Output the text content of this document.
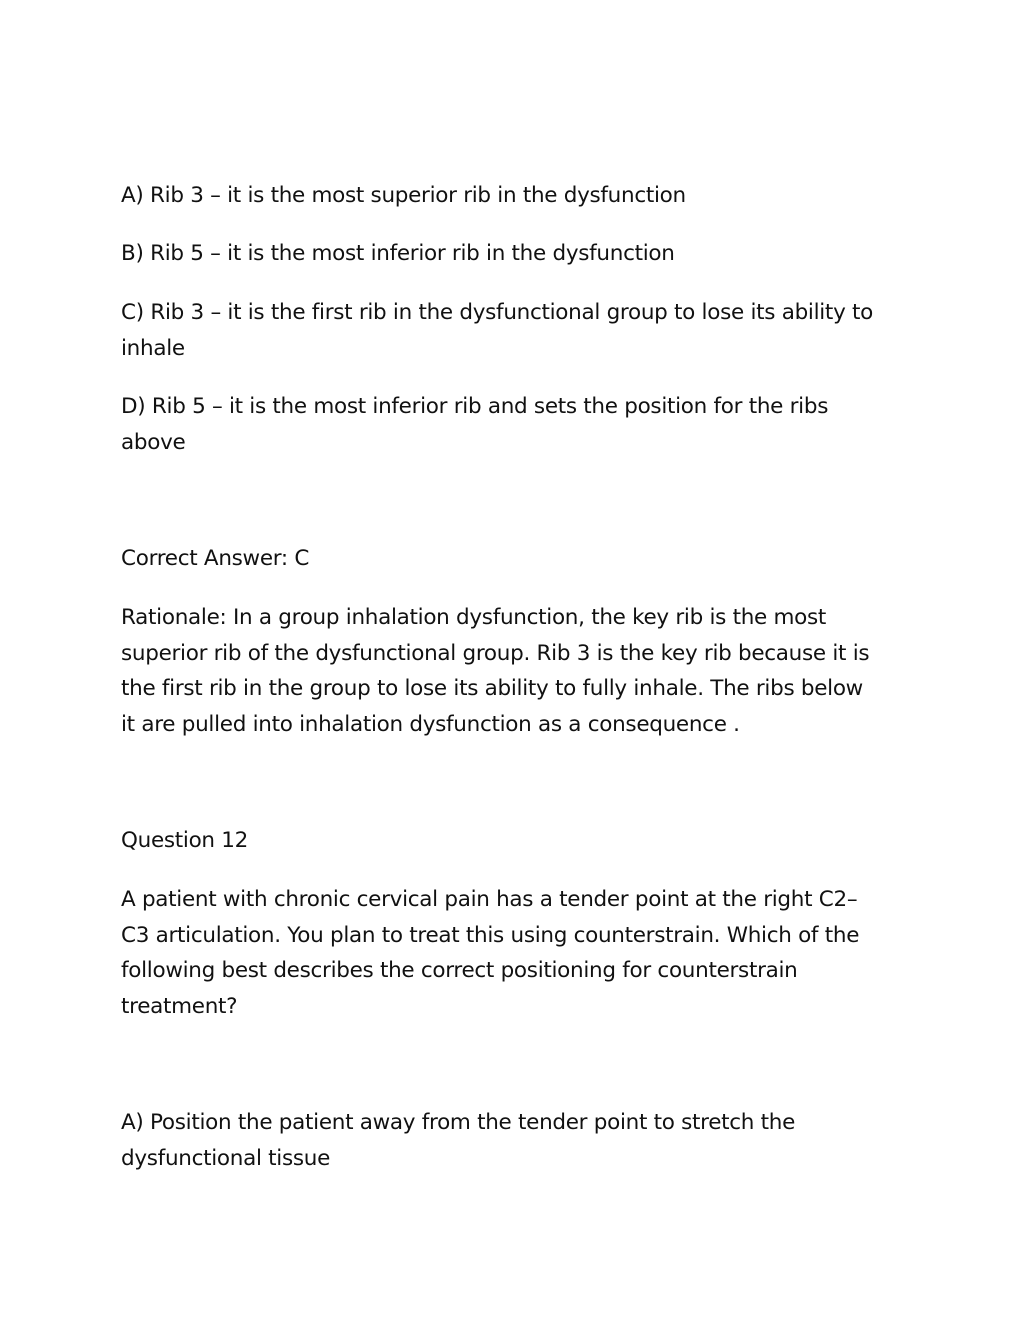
A) Rib 3 – it is the most superior rib in the dysfunction

B) Rib 5 – it is the most inferior rib in the dysfunction

C) Rib 3 – it is the first rib in the dysfunctional group to lose its ability to
inhale

D) Rib 5 – it is the most inferior rib and sets the position for the ribs
above

Correct Answer: C

Rationale: In a group inhalation dysfunction, the key rib is the most
superior rib of the dysfunctional group. Rib 3 is the key rib because it is
the first rib in the group to lose its ability to fully inhale. The ribs below
it are pulled into inhalation dysfunction as a consequence .

Question 12

A patient with chronic cervical pain has a tender point at the right C2–
C3 articulation. You plan to treat this using counterstrain. Which of the
following best describes the correct positioning for counterstrain
treatment?

A) Position the patient away from the tender point to stretch the
dysfunctional tissue
